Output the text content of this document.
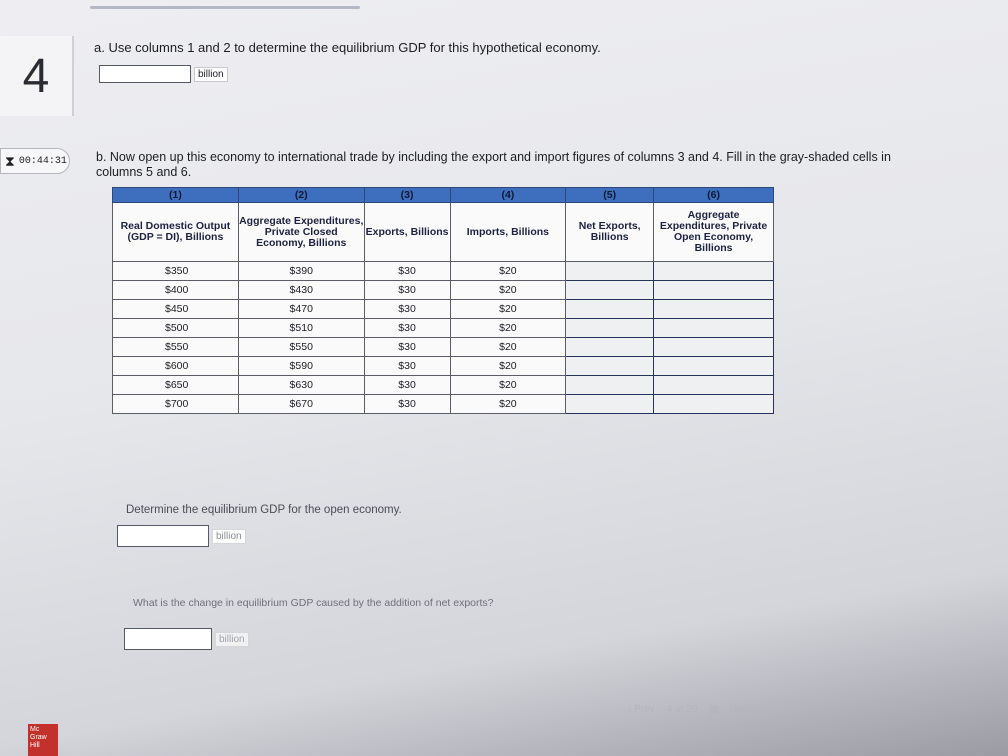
4
⧗ 00:44:31
a. Use columns 1 and 2 to determine the equilibrium GDP for this hypothetical economy.
billion
b. Now open up this economy to international trade by including the export and import figures of columns 3 and 4. Fill in the gray-shaded cells in columns 5 and 6.
(1)	(2)	(3)	(4)	(5)	(6)
Real Domestic Output (GDP = DI), Billions	Aggregate Expenditures, Private Closed Economy, Billions	Exports, Billions	Imports, Billions	Net Exports, Billions	Aggregate Expenditures, Private Open Economy, Billions
$350	$390	$30	$20		
$400	$430	$30	$20		
$450	$470	$30	$20		
$500	$510	$30	$20		
$550	$550	$30	$20		
$600	$590	$30	$20		
$650	$630	$30	$20		
$700	$670	$30	$20		
Determine the equilibrium GDP for the open economy.
billion
What is the change in equilibrium GDP caused by the addition of net exports?
billion
‹ Prev 4 of 20 ▦ Next ›
Mc Graw Hill
